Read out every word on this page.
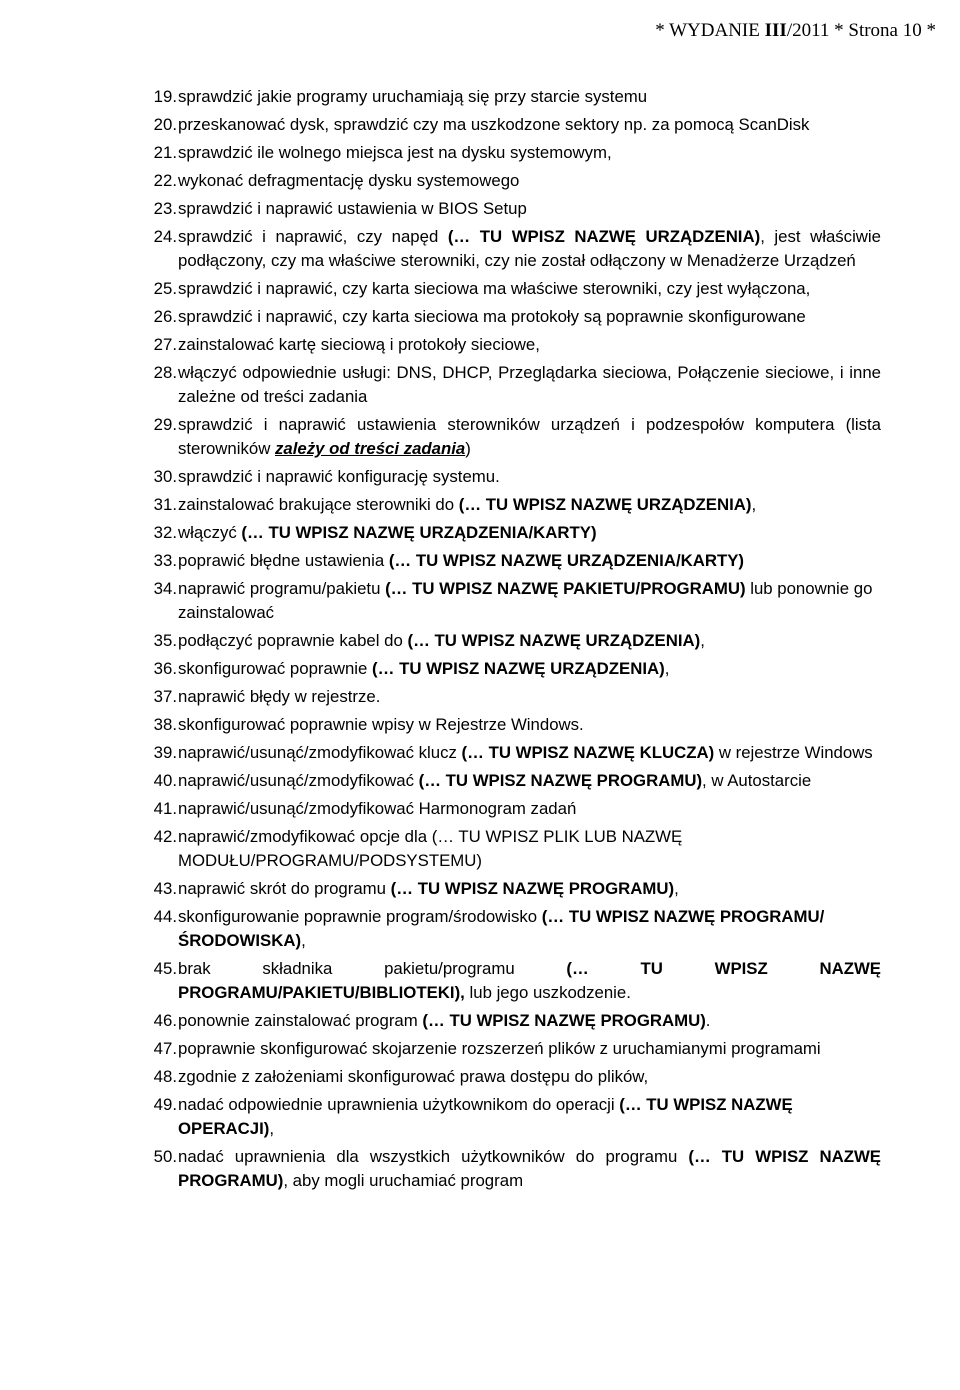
* WYDANIE III/2011 * Strona 10 *
19. sprawdzić jakie programy uruchamiają się przy starcie systemu
20. przeskanować dysk, sprawdzić czy ma uszkodzone sektory np. za pomocą ScanDisk
21. sprawdzić ile wolnego miejsca jest na dysku systemowym,
22. wykonać defragmentację dysku systemowego
23. sprawdzić i naprawić ustawienia w BIOS Setup
24. sprawdzić i naprawić, czy napęd (… TU WPISZ NAZWĘ URZĄDZENIA), jest właściwie podłączony, czy ma właściwe sterowniki, czy nie został odłączony w Menadżerze Urządzeń
25. sprawdzić i naprawić, czy karta sieciowa ma właściwe sterowniki, czy jest wyłączona,
26. sprawdzić i naprawić, czy karta sieciowa ma protokoły są poprawnie skonfigurowane
27. zainstalować kartę sieciową i protokoły sieciowe,
28. włączyć odpowiednie usługi: DNS, DHCP, Przeglądarka sieciowa, Połączenie sieciowe, i inne zależne od treści zadania
29. sprawdzić i naprawić ustawienia sterowników urządzeń i podzespołów komputera (lista sterowników zależy od treści zadania)
30. sprawdzić i naprawić konfigurację systemu.
31. zainstalować brakujące sterowniki do (… TU WPISZ NAZWĘ URZĄDZENIA),
32. włączyć (… TU WPISZ NAZWĘ URZĄDZENIA/KARTY)
33. poprawić błędne ustawienia (… TU WPISZ NAZWĘ URZĄDZENIA/KARTY)
34. naprawić programu/pakietu (… TU WPISZ NAZWĘ PAKIETU/PROGRAMU) lub ponownie go zainstalować
35. podłączyć poprawnie kabel do (… TU WPISZ NAZWĘ URZĄDZENIA),
36. skonfigurować poprawnie (… TU WPISZ NAZWĘ URZĄDZENIA),
37. naprawić błędy w rejestrze.
38. skonfigurować poprawnie wpisy w Rejestrze Windows.
39. naprawić/usunąć/zmodyfikować klucz (… TU WPISZ NAZWĘ KLUCZA) w rejestrze Windows
40. naprawić/usunąć/zmodyfikować (… TU WPISZ NAZWĘ PROGRAMU), w Autostarcie
41. naprawić/usunąć/zmodyfikować Harmonogram zadań
42. naprawić/zmodyfikować opcje dla (… TU WPISZ PLIK LUB NAZWĘ MODUŁU/PROGRAMU/PODSYSTEMU)
43. naprawić skrót do programu (… TU WPISZ NAZWĘ PROGRAMU),
44. skonfigurowanie poprawnie program/środowisko (… TU WPISZ NAZWĘ PROGRAMU/ŚRODOWISKA),
45. brak składnika pakietu/programu (… TU WPISZ NAZWĘ PROGRAMU/PAKIETU/BIBLIOTEKI), lub jego uszkodzenie.
46. ponownie zainstalować program (… TU WPISZ NAZWĘ PROGRAMU).
47. poprawnie skonfigurować skojarzenie rozszerzeń plików z uruchamianymi programami
48. zgodnie z założeniami skonfigurować prawa dostępu do plików,
49. nadać odpowiednie uprawnienia użytkownikom do operacji (… TU WPISZ NAZWĘ OPERACJI),
50. nadać uprawnienia dla wszystkich użytkowników do programu (… TU WPISZ NAZWĘ PROGRAMU), aby mogli uruchamiać program
